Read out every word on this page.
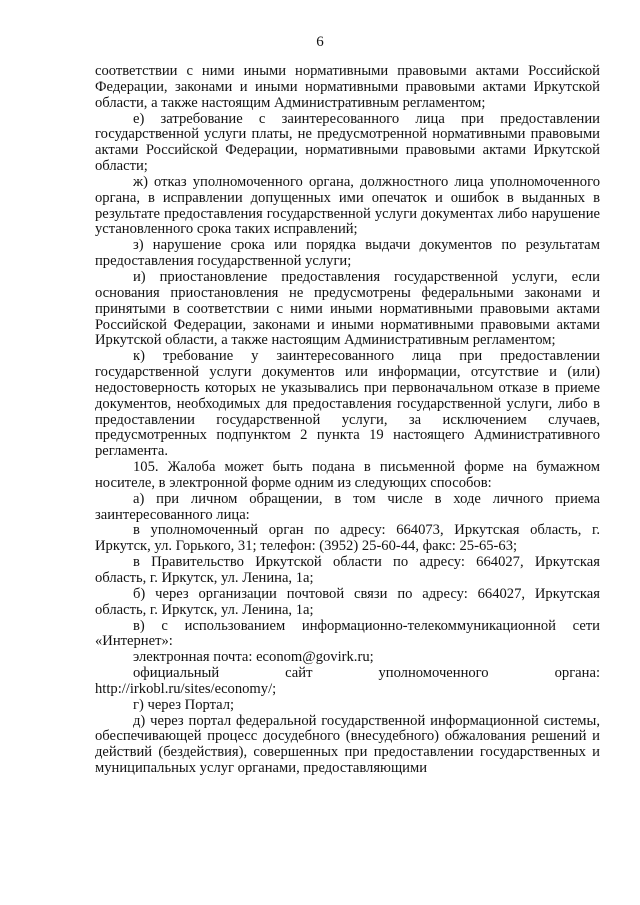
6

соответствии с ними иными нормативными правовыми актами Российской Федерации, законами и иными нормативными правовыми актами Иркутской области, а также настоящим Административным регламентом;

е) затребование с заинтересованного лица при предоставлении государственной услуги платы, не предусмотренной нормативными правовыми актами Российской Федерации, нормативными правовыми актами Иркутской области;

ж) отказ уполномоченного органа, должностного лица уполномоченного органа, в исправлении допущенных ими опечаток и ошибок в выданных в результате предоставления государственной услуги документах либо нарушение установленного срока таких исправлений;

з) нарушение срока или порядка выдачи документов по результатам предоставления государственной услуги;

и) приостановление предоставления государственной услуги, если основания приостановления не предусмотрены федеральными законами и принятыми в соответствии с ними иными нормативными правовыми актами Российской Федерации, законами и иными нормативными правовыми актами Иркутской области, а также настоящим Административным регламентом;

к) требование у заинтересованного лица при предоставлении государственной услуги документов или информации, отсутствие и (или) недостоверность которых не указывались при первоначальном отказе в приеме документов, необходимых для предоставления государственной услуги, либо в предоставлении государственной услуги, за исключением случаев, предусмотренных подпунктом 2 пункта 19 настоящего Административного регламента.

105. Жалоба может быть подана в письменной форме на бумажном носителе, в электронной форме одним из следующих способов:

а) при личном обращении, в том числе в ходе личного приема заинтересованного лица:

в уполномоченный орган по адресу: 664073, Иркутская область, г. Иркутск, ул. Горького, 31; телефон: (3952) 25-60-44, факс: 25-65-63;

в Правительство Иркутской области по адресу: 664027, Иркутская область, г. Иркутск, ул. Ленина, 1а;

б) через организации почтовой связи по адресу: 664027, Иркутская область, г. Иркутск, ул. Ленина, 1а;

в) с использованием информационно-телекоммуникационной сети «Интернет»:

электронная почта: econom@govirk.ru;

официальный сайт уполномоченного органа:

http://irkobl.ru/sites/economy/;

г) через Портал;

д) через портал федеральной государственной информационной системы, обеспечивающей процесс досудебного (внесудебного) обжалования решений и действий (бездействия), совершенных при предоставлении государственных и муниципальных услуг органами, предоставляющими
